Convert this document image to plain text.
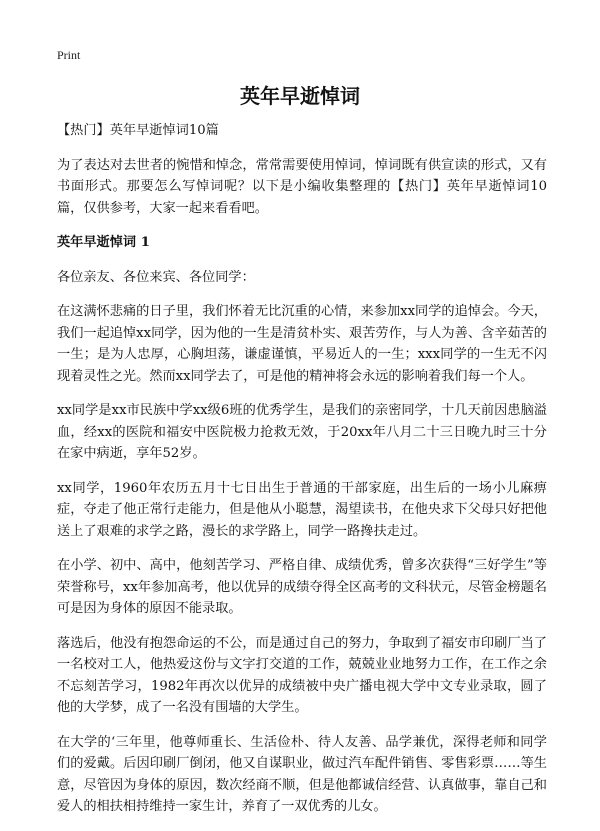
Print
英年早逝悼词

【热门】英年早逝悼词10篇

为了表达对去世者的惋惜和悼念，常常需要使用悼词，悼词既有供宣读的形式，又有书面形式。那要怎么写悼词呢？以下是小编收集整理的【热门】英年早逝悼词10篇，仅供参考，大家一起来看看吧。

英年早逝悼词 1

各位亲友、各位来宾、各位同学：

在这满怀悲痛的日子里，我们怀着无比沉重的心情，来参加xx同学的追悼会。今天，我们一起追悼xx同学，因为他的一生是清贫朴实、艰苦劳作，与人为善、含辛茹苦的一生；是为人忠厚，心胸坦荡，谦虚谨慎，平易近人的一生；xxx同学的一生无不闪现着灵性之光。然而xx同学去了，可是他的精神将会永远的影响着我们每一个人。

xx同学是xx市民族中学xx级6班的优秀学生，是我们的亲密同学，十几天前因患脑溢血，经xx的医院和福安中医院极力抢救无效，于20xx年八月二十三日晚九时三十分在家中病逝，享年52岁。

xx同学，1960年农历五月十七日出生于普通的干部家庭，出生后的一场小儿麻痹症，夺走了他正常行走能力，但是他从小聪慧，渴望读书，在他央求下父母只好把他送上了艰难的求学之路，漫长的求学路上，同学一路搀扶走过。

在小学、初中、高中，他刻苦学习、严格自律、成绩优秀，曾多次获得“三好学生”等荣誉称号，xx年参加高考，他以优异的成绩夺得全区高考的文科状元，尽管金榜题名可是因为身体的原因不能录取。

落选后，他没有抱怨命运的不公，而是通过自己的努力，争取到了福安市印刷厂当了一名校对工人，他热爱这份与文字打交道的工作，兢兢业业地努力工作，在工作之余不忘刻苦学习，1982年再次以优异的成绩被中央广播电视大学中文专业录取，圆了他的大学梦，成了一名没有围墙的大学生。

在大学的‘三年里，他尊师重长、生活俭朴、待人友善、品学兼优，深得老师和同学们的爱戴。后因印刷厂倒闭，他又自谋职业，做过汽车配件销售、零售彩票……等生意，尽管因为身体的原因，数次经商不顺，但是他都诚信经营、认真做事，靠自己和爱人的相扶相持维持一家生计，养育了一双优秀的儿女。
